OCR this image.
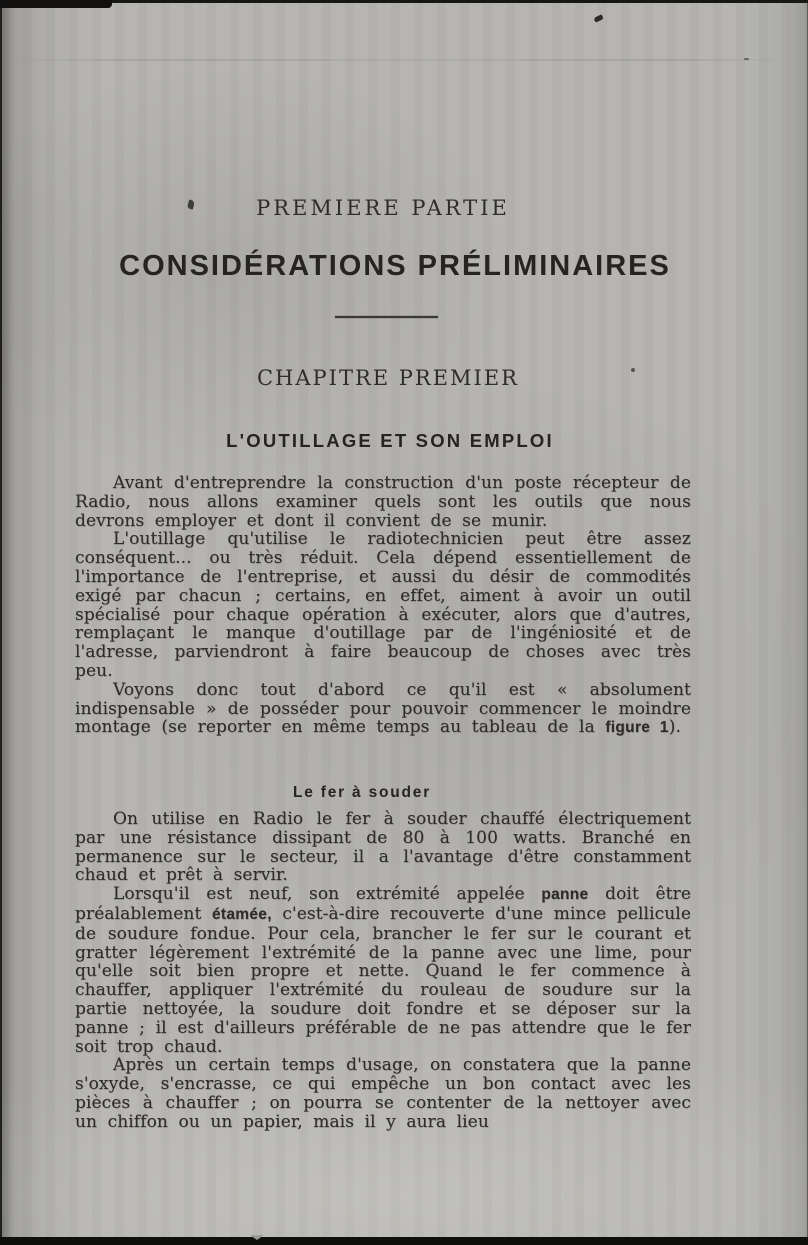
PREMIERE PARTIE
CONSIDÉRATIONS PRÉLIMINAIRES
CHAPITRE PREMIER
L'OUTILLAGE ET SON EMPLOI

Avant d'entreprendre la construction d'un poste récepteur de Radio, nous allons examiner quels sont les outils que nous devrons employer et dont il convient de se munir.

L'outillage qu'utilise le radiotechnicien peut être assez conséquent... ou très réduit. Cela dépend essentiellement de l'importance de l'entreprise, et aussi du désir de commodités exigé par chacun ; certains, en effet, aiment à avoir un outil spécialisé pour chaque opération à exécuter, alors que d'autres, remplaçant le manque d'outillage par de l'ingéniosité et de l'adresse, parviendront à faire beaucoup de choses avec très peu.

Voyons donc tout d'abord ce qu'il est « absolument indispensable » de posséder pour pouvoir commencer le moindre montage (se reporter en même temps au tableau de la figure 1).

Le fer à souder

On utilise en Radio le fer à souder chauffé électriquement par une résistance dissipant de 80 à 100 watts. Branché en permanence sur le secteur, il a l'avantage d'être constamment chaud et prêt à servir.

Lorsqu'il est neuf, son extrémité appelée panne doit être préalablement étamée, c'est-à-dire recouverte d'une mince pellicule de soudure fondue. Pour cela, brancher le fer sur le courant et gratter légèrement l'extrémité de la panne avec une lime, pour qu'elle soit bien propre et nette. Quand le fer commence à chauffer, appliquer l'extrémité du rouleau de soudure sur la partie nettoyée, la soudure doit fondre et se déposer sur la panne ; il est d'ailleurs préférable de ne pas attendre que le fer soit trop chaud.

Après un certain temps d'usage, on constatera que la panne s'oxyde, s'encrasse, ce qui empêche un bon contact avec les pièces à chauffer ; on pourra se contenter de la nettoyer avec un chiffon ou un papier, mais il y aura lieu
